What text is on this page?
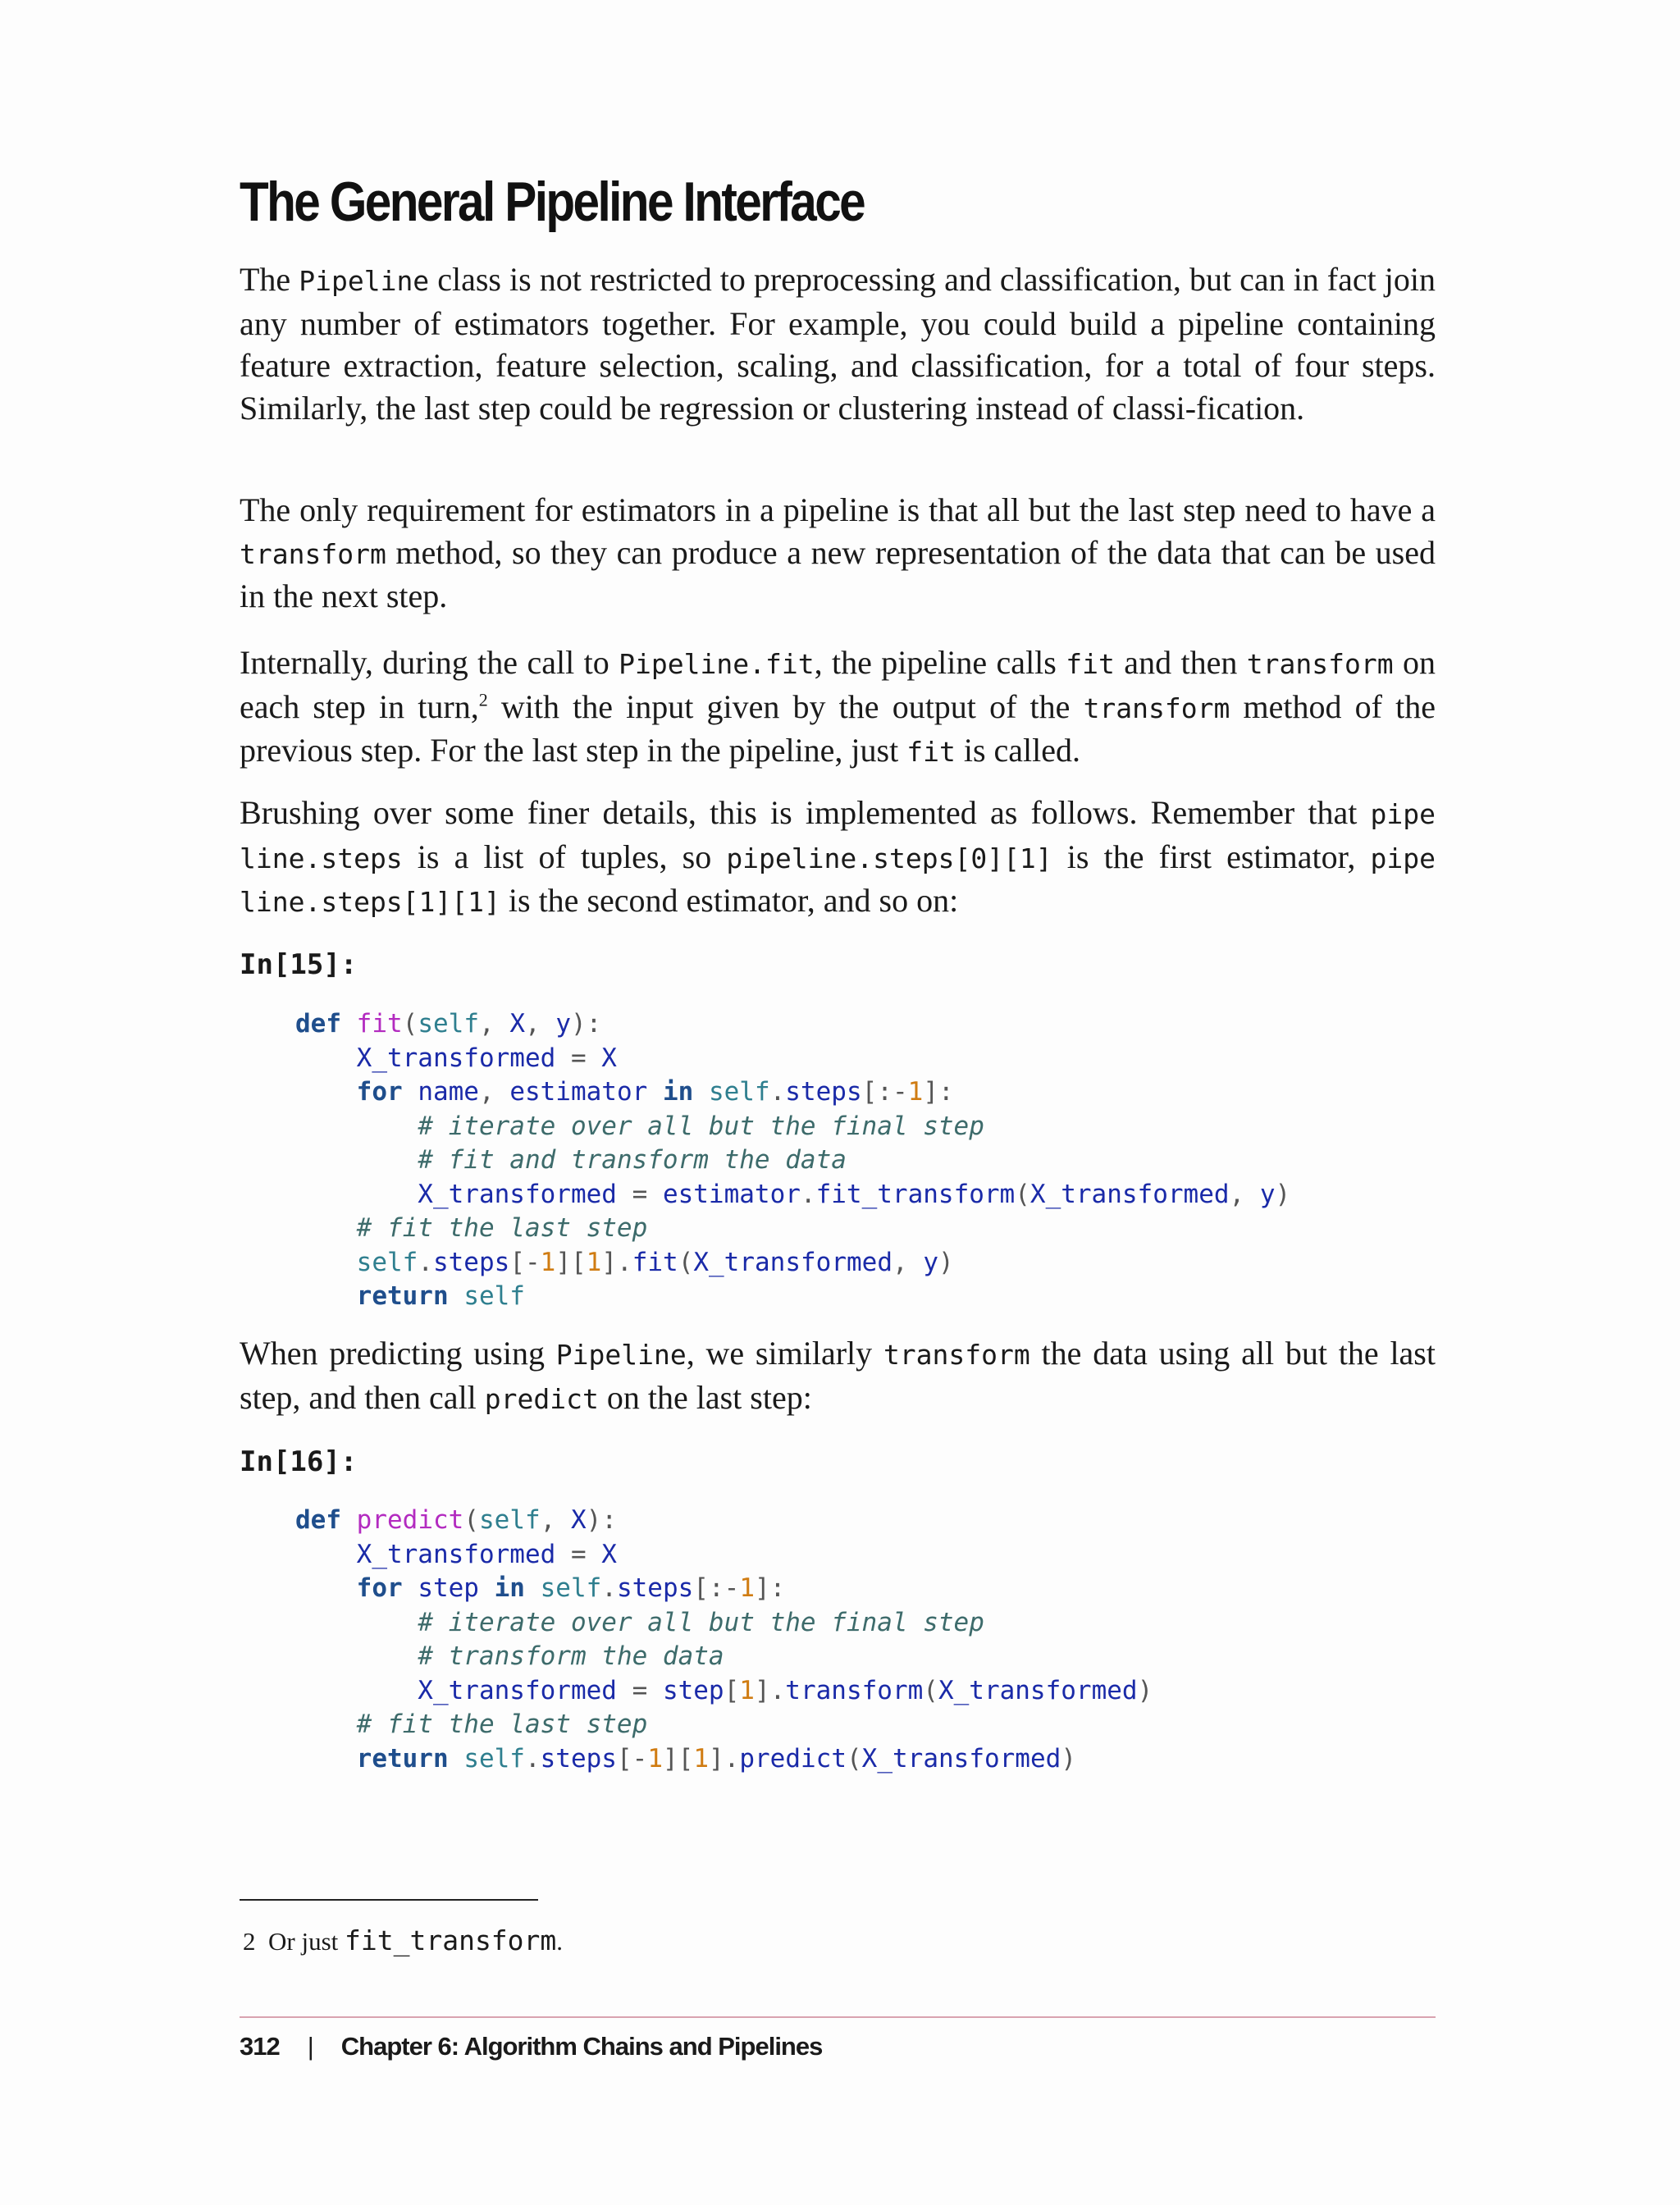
The General Pipeline Interface

The Pipeline class is not restricted to preprocessing and classification, but can in fact join any number of estimators together. For example, you could build a pipeline containing feature extraction, feature selection, scaling, and classification, for a total of four steps. Similarly, the last step could be regression or clustering instead of classi-fication.

The only requirement for estimators in a pipeline is that all but the last step need to have a transform method, so they can produce a new representation of the data that can be used in the next step.

Internally, during the call to Pipeline.fit, the pipeline calls fit and then transform on each step in turn,$^2$ with the input given by the output of the transform method of the previous step. For the last step in the pipeline, just fit is called.

Brushing over some finer details, this is implemented as follows. Remember that pipe line.steps is a list of tuples, so pipeline.steps[0][1] is the first estimator, pipe line.steps[1][1] is the second estimator, and so on:

In[15]:
def fit(self, X, y):
X_transformed = X
for name, estimator in self.steps[:-1]:
# iterate over all but the final step
# fit and transform the data
X_transformed = estimator.fit_transform(X_transformed, y)
# fit the last step
self.steps[-1][1].fit(X_transformed, y)
return self

When predicting using Pipeline, we similarly transform the data using all but the last step, and then call predict on the last step:

In[16]:
def predict(self, X):
X_transformed = X
for step in self.steps[:-1]:
# iterate over all but the final step
# transform the data
X_transformed = step[1].transform(X_transformed)
# fit the last step
return self.steps[-1][1].predict(X_transformed)

2 Or just fit_transform.

312 | Chapter 6: Algorithm Chains and Pipelines
